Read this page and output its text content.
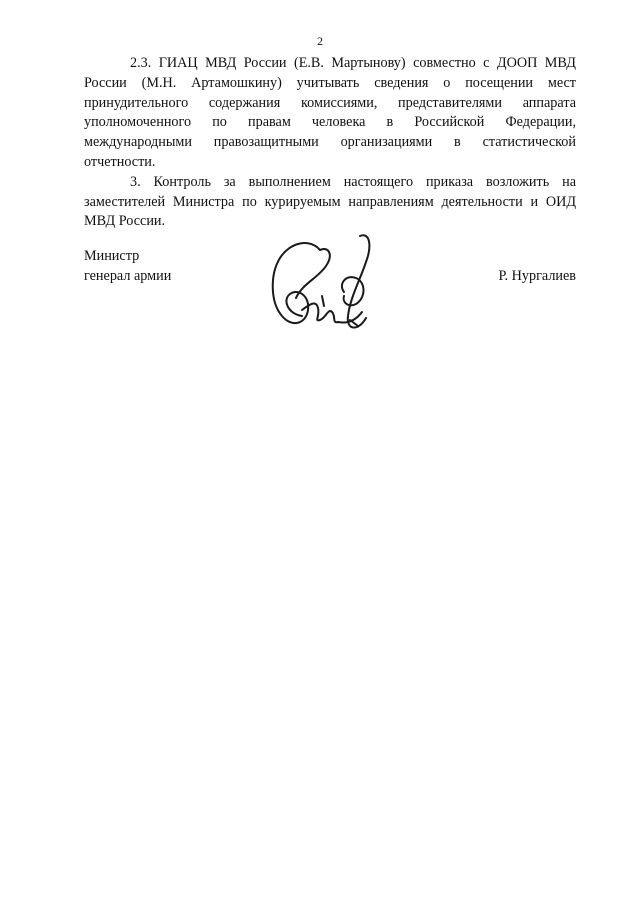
2

2.3. ГИАЦ МВД России (Е.В. Мартынову) совместно с ДООП МВД России (М.Н. Артамошкину) учитывать сведения о посещении мест принудительного содержания комиссиями, представителями аппарата уполномоченного по правам человека в Российской Федерации, международными правозащитными организациями в статистической отчетности.

3. Контроль за выполнением настоящего приказа возложить на заместителей Министра по курируемым направлениям деятельности и ОИД МВД России.

Министр
генерал армии	Р. Нургалиев
